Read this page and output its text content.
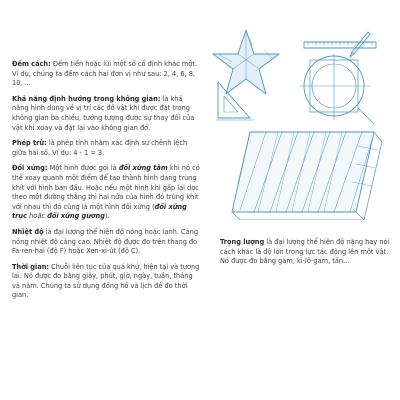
Đếm cách: Đếm tiến hoặc lùi một số cố định khác một.
Ví dụ, chúng ta đếm cách hai đơn vị như sau: 2, 4, 6, 8, 10, ...
Khả năng định hướng trong không gian: là khả năng hình dung về vị trí các đồ vật khi được đặt trong không gian ba chiều, tưởng tượng được sự thay đổi của vật khi xoay và đặt lại vào không gian đó.
Phép trừ: là phép tính nhằm xác định sự chênh lệch giữa hai số. Ví dụ: 4 - 1 = 3.
Đối xứng: Một hình được gọi là đối xứng tâm khi nó có thể xoay quanh một điểm để tạo thành hình dạng trùng khít với hình ban đầu. Hoặc nếu một hình khi gấp lại dọc theo một đường thẳng thì hai nửa của hình đó trùng khít với nhau thì đó cũng là một hình đối xứng (đối xứng trục hoặc đối xứng gương).
Nhiệt độ là đại lượng thể hiện độ nóng hoặc lạnh. Càng nóng nhiệt độ càng cao. Nhiệt độ được đo trên thang đo Fa-ren-hai (độ F) hoặc Xen-xi-út (độ C).
Thời gian: Chuỗi liên tục của quá khứ, hiện tại và tương lai. Nó được đo bằng giây, phút, giờ, ngày, tuần, tháng và năm. Chúng ta sử dụng đồng hồ và lịch để đo thời gian.
Trọng lượng là đại lượng thể hiện độ nặng hay nói cách khác là độ lớn trọng lực tác động lên một vật. Nó được đo bằng gam, ki-lô-gam, tấn...
